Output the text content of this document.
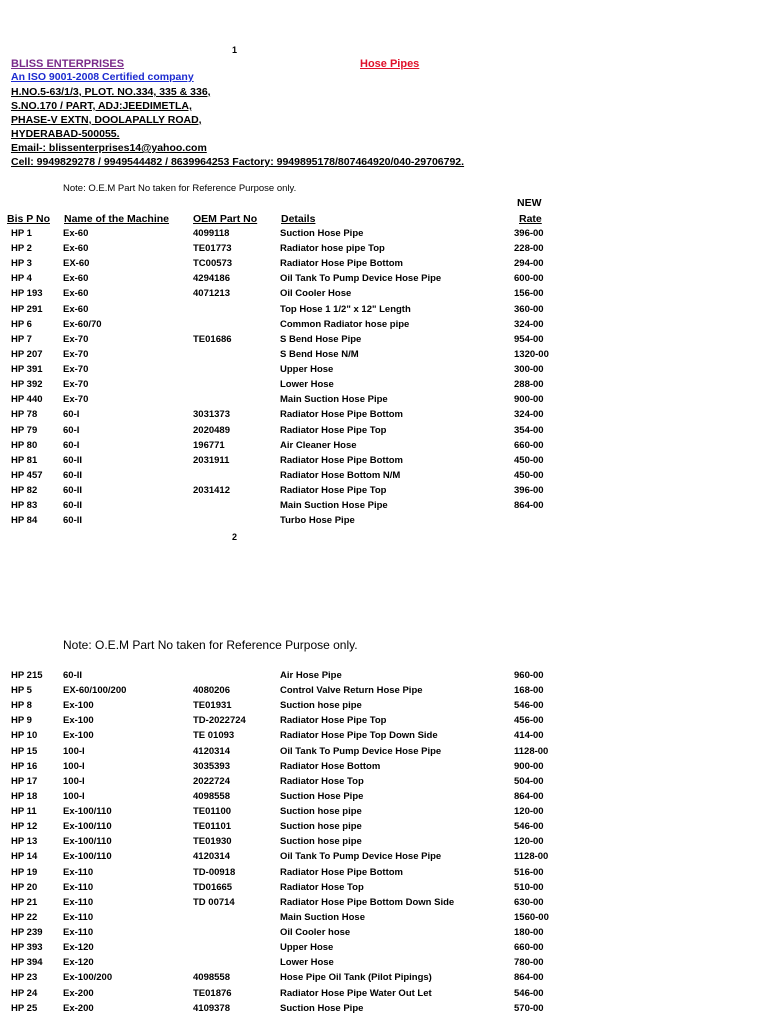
1
BLISS ENTERPRISES	Hose Pipes
An ISO 9001-2008 Certified company
H.NO.5-63/1/3, PLOT. NO.334, 335 & 336,
S.NO.170 / PART, ADJ:JEEDIMETLA,
PHASE-V EXTN, DOOLAPALLY ROAD,
HYDERABAD-500055.
Email-: blissenterprises14@yahoo.com
Cell: 9949829278 / 9949544482 / 8639964253 Factory: 9949895178/807464920/040-29706792.
Note: O.E.M Part No taken for Reference Purpose only.
NEW
Bis P No Name of the Machine OEM Part No Details	Rate
HP 1	Ex-60	4099118	Suction Hose Pipe	396-00
HP 2	Ex-60	TE01773	Radiator hose pipe Top	228-00
HP 3	EX-60	TC00573	Radiator Hose Pipe Bottom	294-00
HP 4	Ex-60	4294186	Oil Tank To Pump Device Hose Pipe	600-00
HP 193 Ex-60	4071213	Oil Cooler Hose	156-00
HP 291 Ex-60	Top Hose 1 1/2" x 12" Length	360-00
HP 6	Ex-60/70	Common Radiator hose pipe	324-00
HP 7	Ex-70	TE01686	S Bend Hose Pipe	954-00
HP 207 Ex-70	S Bend Hose N/M	1320-00
HP 391 Ex-70	Upper Hose	300-00
HP 392 Ex-70	Lower Hose	288-00
HP 440 Ex-70	Main Suction Hose Pipe	900-00
HP 78	60-I	3031373	Radiator Hose Pipe Bottom	324-00
HP 79	60-I	2020489	Radiator Hose Pipe Top	354-00
HP 80	60-I	196771	Air Cleaner Hose	660-00
HP 81	60-II	2031911	Radiator Hose Pipe Bottom	450-00
HP 457 60-II	Radiator Hose Bottom N/M	450-00
HP 82	60-II	2031412	Radiator Hose Pipe Top	396-00
HP 83	60-II	Main Suction Hose Pipe	864-00
HP 84	60-II	Turbo Hose Pipe
2
Note: O.E.M Part No taken for Reference Purpose only.
HP 215 60-II	Air Hose Pipe	960-00
HP 5	EX-60/100/200	4080206	Control Valve Return Hose Pipe	168-00
HP 8	Ex-100	TE01931	Suction hose pipe	546-00
HP 9	Ex-100	TD-2022724	Radiator Hose Pipe Top	456-00
HP 10	Ex-100	TE 01093	Radiator Hose Pipe Top Down Side	414-00
HP 15	100-I	4120314	Oil Tank To Pump Device Hose Pipe	1128-00
HP 16	100-I	3035393	Radiator Hose Bottom	900-00
HP 17	100-I	2022724	Radiator Hose Top	504-00
HP 18	100-I	4098558	Suction Hose Pipe	864-00
HP 11	Ex-100/110	TE01100	Suction hose pipe	120-00
HP 12	Ex-100/110	TE01101	Suction hose pipe	546-00
HP 13	Ex-100/110	TE01930	Suction hose pipe	120-00
HP 14	Ex-100/110	4120314	Oil Tank To Pump Device Hose Pipe	1128-00
HP 19	Ex-110	TD-00918	Radiator Hose Pipe Bottom	516-00
HP 20	Ex-110	TD01665	Radiator Hose Top	510-00
HP 21	Ex-110	TD 00714	Radiator Hose Pipe Bottom Down Side	630-00
HP 22	Ex-110	Main Suction Hose	1560-00
HP 239 Ex-110	Oil Cooler hose	180-00
HP 393 Ex-120	Upper Hose	660-00
HP 394 Ex-120	Lower Hose	780-00
HP 23	Ex-100/200	4098558	Hose Pipe Oil Tank (Pilot Pipings)	864-00
HP 24	Ex-200	TE01876	Radiator Hose Pipe Water Out Let	546-00
HP 25	Ex-200	4109378	Suction Hose Pipe	570-00
